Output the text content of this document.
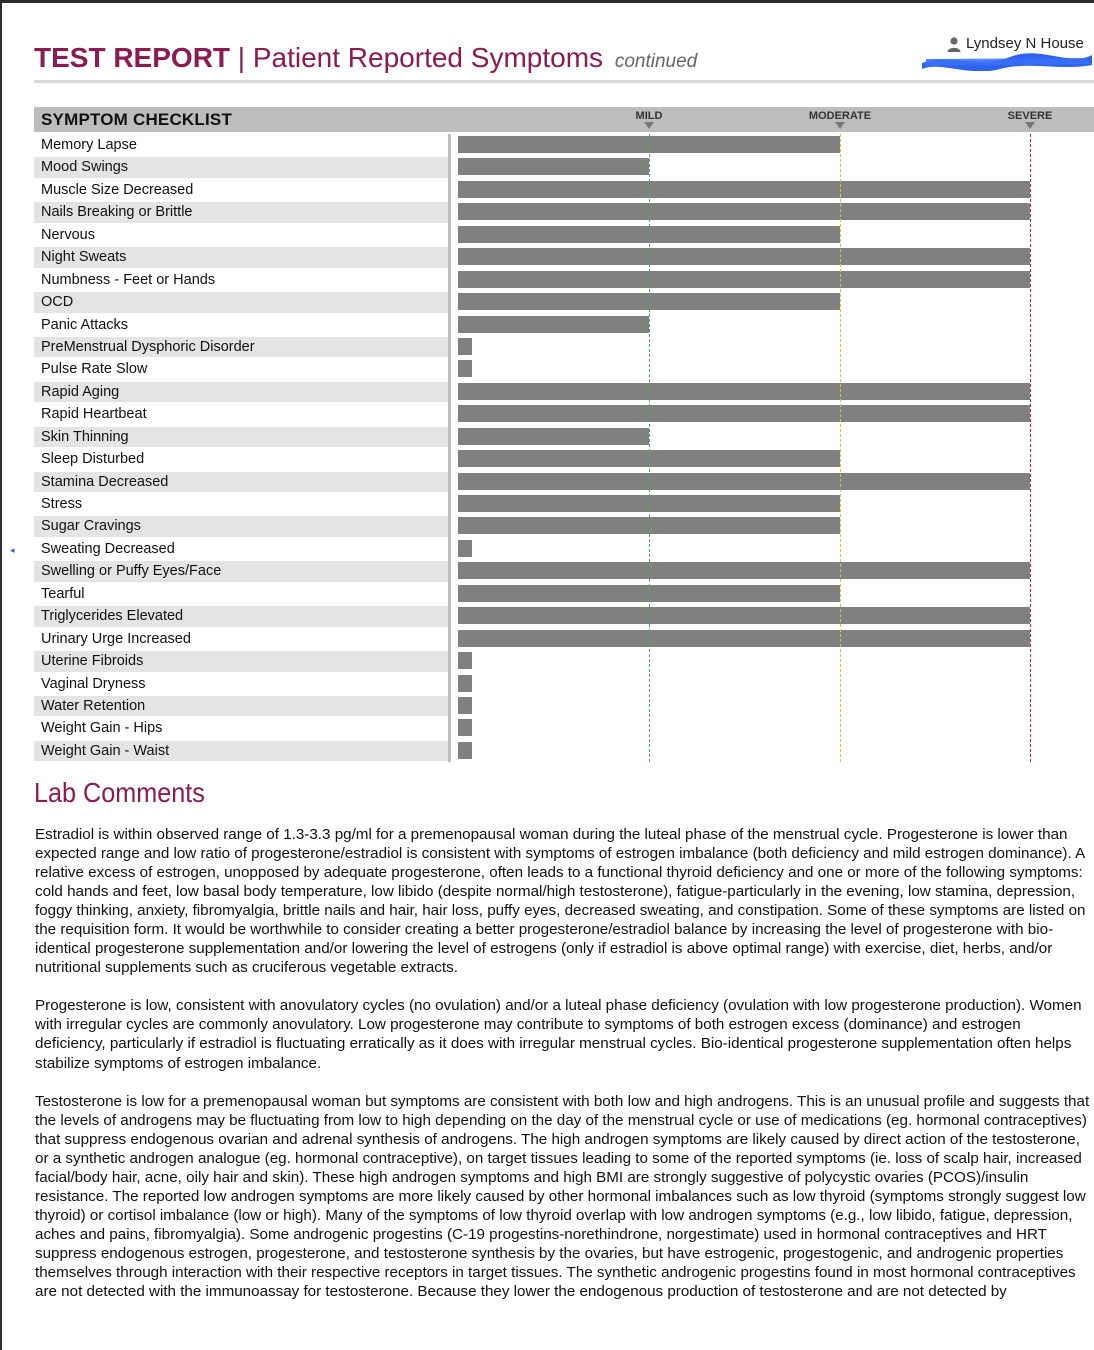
TEST REPORT | Patient Reported Symptoms continued
Lyndsey N House
SYMPTOM CHECKLIST	MILD	MODERATE	SEVERE
Memory Lapse
Mood Swings
Muscle Size Decreased
Nails Breaking or Brittle
Nervous
Night Sweats
Numbness - Feet or Hands
OCD
Panic Attacks
PreMenstrual Dysphoric Disorder
Pulse Rate Slow
Rapid Aging
Rapid Heartbeat
Skin Thinning
Sleep Disturbed
Stamina Decreased
Stress
Sugar Cravings
Sweating Decreased
Swelling or Puffy Eyes/Face
Tearful
Triglycerides Elevated
Urinary Urge Increased
Uterine Fibroids
Vaginal Dryness
Water Retention
Weight Gain - Hips
Weight Gain - Waist
◂
Lab Comments

Estradiol is within observed range of 1.3-3.3 pg/ml for a premenopausal woman during the luteal phase of the menstrual cycle. Progesterone is lower than expected range and low ratio of progesterone/estradiol is consistent with symptoms of estrogen imbalance (both deficiency and mild estrogen dominance). A relative excess of estrogen, unopposed by adequate progesterone, often leads to a functional thyroid deficiency and one or more of the following symptoms: cold hands and feet, low basal body temperature, low libido (despite normal/high testosterone), fatigue-particularly in the evening, low stamina, depression, foggy thinking, anxiety, fibromyalgia, brittle nails and hair, hair loss, puffy eyes, decreased sweating, and constipation. Some of these symptoms are listed on the requisition form. It would be worthwhile to consider creating a better progesterone/estradiol balance by increasing the level of progesterone with bio-identical progesterone supplementation and/or lowering the level of estrogens (only if estradiol is above optimal range) with exercise, diet, herbs, and/or nutritional supplements such as cruciferous vegetable extracts.

Progesterone is low, consistent with anovulatory cycles (no ovulation) and/or a luteal phase deficiency (ovulation with low progesterone production). Women with irregular cycles are commonly anovulatory. Low progesterone may contribute to symptoms of both estrogen excess (dominance) and estrogen deficiency, particularly if estradiol is fluctuating erratically as it does with irregular menstrual cycles. Bio-identical progesterone supplementation often helps stabilize symptoms of estrogen imbalance.

Testosterone is low for a premenopausal woman but symptoms are consistent with both low and high androgens. This is an unusual profile and suggests that the levels of androgens may be fluctuating from low to high depending on the day of the menstrual cycle or use of medications (eg. hormonal contraceptives) that suppress endogenous ovarian and adrenal synthesis of androgens. The high androgen symptoms are likely caused by direct action of the testosterone, or a synthetic androgen analogue (eg. hormonal contraceptive), on target tissues leading to some of the reported symptoms (ie. loss of scalp hair, increased facial/body hair, acne, oily hair and skin). These high androgen symptoms and high BMI are strongly suggestive of polycystic ovaries (PCOS)/insulin resistance. The reported low androgen symptoms are more likely caused by other hormonal imbalances such as low thyroid (symptoms strongly suggest low thyroid) or cortisol imbalance (low or high). Many of the symptoms of low thyroid overlap with low androgen symptoms (e.g., low libido, fatigue, depression, aches and pains, fibromyalgia). Some androgenic progestins (C-19 progestins-norethindrone, norgestimate) used in hormonal contraceptives and HRT suppress endogenous estrogen, progesterone, and testosterone synthesis by the ovaries, but have estrogenic, progestogenic, and androgenic properties themselves through interaction with their respective receptors in target tissues. The synthetic androgenic progestins found in most hormonal contraceptives are not detected with the immunoassay for testosterone. Because they lower the endogenous production of testosterone and are not detected by
